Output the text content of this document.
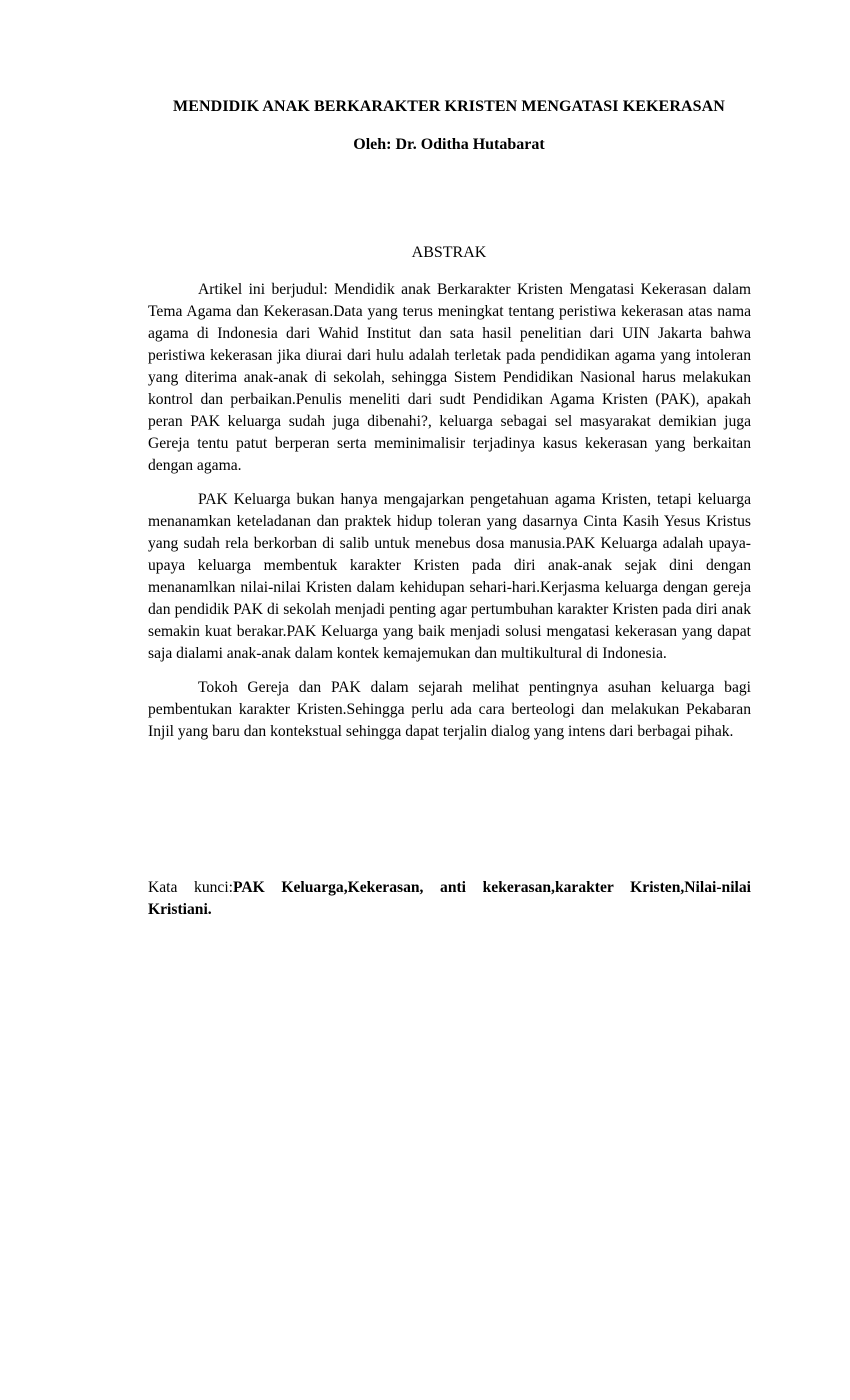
MENDIDIK ANAK BERKARAKTER KRISTEN MENGATASI KEKERASAN
Oleh: Dr. Oditha Hutabarat
ABSTRAK

Artikel ini berjudul: Mendidik anak Berkarakter Kristen Mengatasi Kekerasan dalam Tema Agama dan Kekerasan.Data yang terus meningkat tentang peristiwa kekerasan atas nama agama di Indonesia dari Wahid Institut dan sata hasil penelitian dari UIN Jakarta bahwa peristiwa kekerasan jika diurai dari hulu adalah terletak pada pendidikan agama yang intoleran yang diterima anak-anak di sekolah, sehingga Sistem Pendidikan Nasional harus melakukan kontrol dan perbaikan.Penulis meneliti dari sudt Pendidikan Agama Kristen (PAK), apakah peran PAK keluarga sudah juga dibenahi?, keluarga sebagai sel masyarakat demikian juga Gereja tentu patut berperan serta meminimalisir terjadinya kasus kekerasan yang berkaitan dengan agama.

PAK Keluarga bukan hanya mengajarkan pengetahuan agama Kristen, tetapi keluarga menanamkan keteladanan dan praktek hidup toleran yang dasarnya Cinta Kasih Yesus Kristus yang sudah rela berkorban di salib untuk menebus dosa manusia.PAK Keluarga adalah upaya-upaya keluarga membentuk karakter Kristen pada diri anak-anak sejak dini dengan menanamlkan nilai-nilai Kristen dalam kehidupan sehari-hari.Kerjasma keluarga dengan gereja dan pendidik PAK di sekolah menjadi penting agar pertumbuhan karakter Kristen pada diri anak semakin kuat berakar.PAK Keluarga yang baik menjadi solusi mengatasi kekerasan yang dapat saja dialami anak-anak dalam kontek kemajemukan dan multikultural di Indonesia.

Tokoh Gereja dan PAK dalam sejarah melihat pentingnya asuhan keluarga bagi pembentukan karakter Kristen.Sehingga perlu ada cara berteologi dan melakukan Pekabaran Injil yang baru dan kontekstual sehingga dapat terjalin dialog yang intens dari berbagai pihak.

Kata kunci:PAK Keluarga,Kekerasan, anti kekerasan,karakter Kristen,Nilai-nilai Kristiani.
